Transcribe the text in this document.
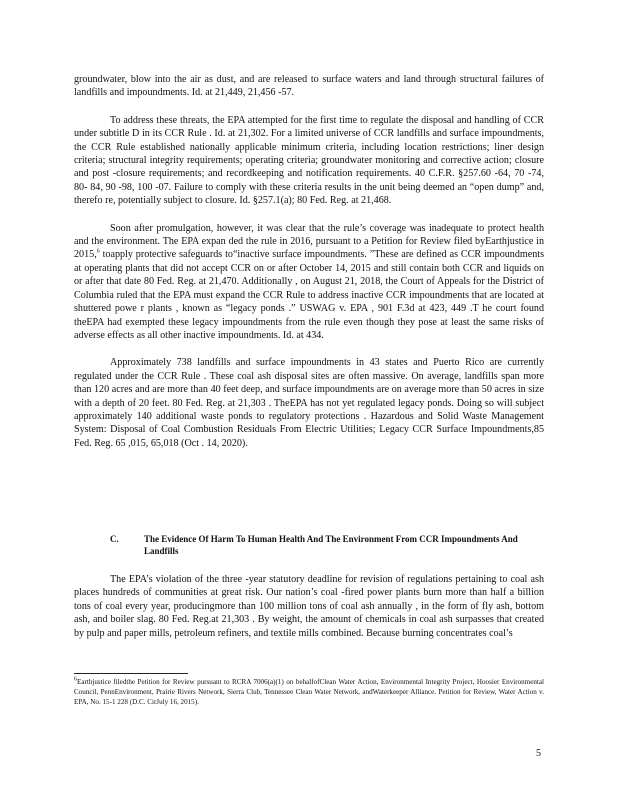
groundwater, blow into the air as dust, and are released to surface waters and land through structural failures of landfills and impoundments. Id. at 21,449, 21,456 -57.

To address these threats, the EPA attempted for the first time to regulate the disposal and handling of CCR under subtitle D in its CCR Rule . Id. at 21,302. For a limited universe of CCR landfills and surface impoundments, the CCR Rule established nationally applicable minimum criteria, including location restrictions; liner design criteria; structural integrity requirements; operating criteria; groundwater monitoring and corrective action; closure and post -closure requirements; and recordkeeping and notification requirements. 40 C.F.R. §257.60 -64, 70 -74, 80- 84, 90 -98, 100 -07. Failure to comply with these criteria results in the unit being deemed an “open dump” and, therefo re, potentially subject to closure. Id. §257.1(a); 80 Fed. Reg. at 21,468.

Soon after promulgation, however, it was clear that the rule’s coverage was inadequate to protect health and the environment. The EPA expan ded the rule in 2016, pursuant to a Petition for Review filed byEarthjustice in 2015,$^6$ toapply protective safeguards to“inactive surface impoundments. ”These are defined as CCR impoundments at operating plants that did not accept CCR on or after October 14, 2015 and still contain both CCR and liquids on or after that date 80 Fed. Reg. at 21,470. Additionally , on August 21, 2018, the Court of Appeals for the District of Columbia ruled that the EPA must expand the CCR Rule to address inactive CCR impoundments that are located at shuttered powe r plants , known as “legacy ponds .” USWAG v. EPA , 901 F.3d at 423, 449 .T he court found theEPA had exempted these legacy impoundments from the rule even though they pose at least the same risks of adverse effects as all other inactive impoundments. Id. at 434.

Approximately 738 landfills and surface impoundments in 43 states and Puerto Rico are currently regulated under the CCR Rule . These coal ash disposal sites are often massive. On average, landfills span more than 120 acres and are more than 40 feet deep, and surface impoundments are on average more than 50 acres in size with a depth of 20 feet. 80 Fed. Reg. at 21,303 . TheEPA has not yet regulated legacy ponds. Doing so will subject approximately 140 additional waste ponds to regulatory protections . Hazardous and Solid Waste Management System: Disposal of Coal Combustion Residuals From Electric Utilities; Legacy CCR Surface Impoundments,85 Fed. Reg. 65 ,015, 65,018 (Oct . 14, 2020).

C.	The Evidence Of Harm To Human Health And The Environment From CCR Impoundments And Landfills

The EPA’s violation of the three -year statutory deadline for revision of regulations pertaining to coal ash places hundreds of communities at great risk. Our nation’s coal -fired power plants burn more than half a billion tons of coal every year, producingmore than 100 million tons of coal ash annually , in the form of fly ash, bottom ash, and boiler slag. 80 Fed. Reg.at 21,303 . By weight, the amount of chemicals in coal ash surpasses that created by pulp and paper mills, petroleum refiners, and textile mills combined. Because burning concentrates coal’s

$^6$Earthjustice filedthe Petition for Review pursuant to RCRA 7006(a)(1) on behalfofClean Water Action, Environmental Integrity Project, Hoosier Environmental Council, PennEnvironment, Prairie Rivers Network, Sierra Club, Tennessee Clean Water Network, andWaterkeeper Alliance. Petition for Review, Water Action v. EPA, No. 15-1 228 (D.C. CirJuly 16, 2015).
5
